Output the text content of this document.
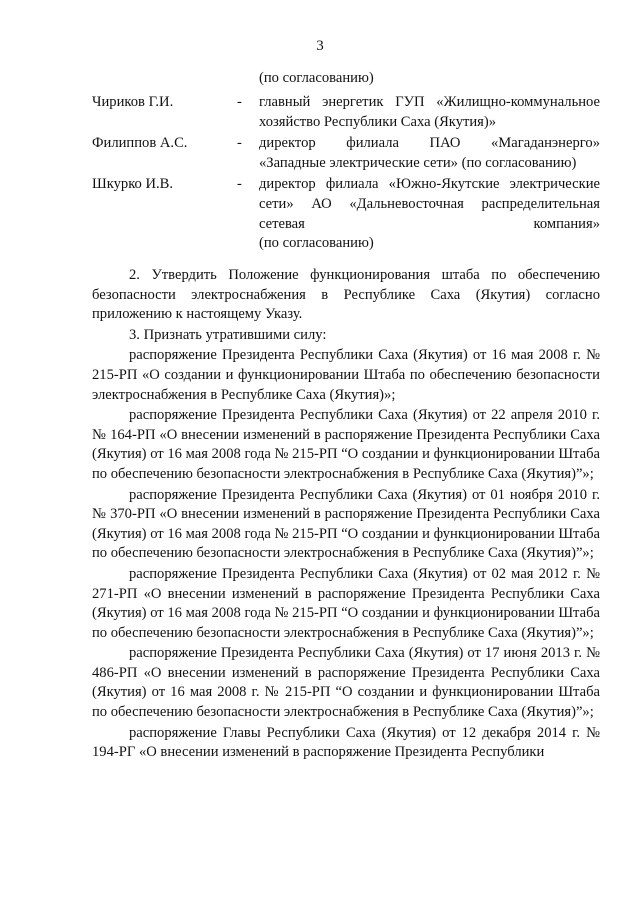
3
(по согласованию)
Чириков Г.И.	-	главный энергетик ГУП «Жилищно-коммунальное
хозяйство Республики Саха (Якутия)»
Филиппов А.С.	-	директор филиала ПАО «Магаданэнерго»
«Западные электрические сети» (по согласованию)
Шкурко И.В.	-	директор филиала «Южно-Якутские электрические
сети» АО «Дальневосточная распределительная
сетевая компания»
(по согласованию)

2. Утвердить Положение функционирования штаба по обеспечению безопасности электроснабжения в Республике Саха (Якутия) согласно приложению к настоящему Указу.

3. Признать утратившими силу:

распоряжение Президента Республики Саха (Якутия) от 16 мая 2008 г. № 215-РП «О создании и функционировании Штаба по обеспечению безопасности электроснабжения в Республике Саха (Якутия)»;

распоряжение Президента Республики Саха (Якутия) от 22 апреля 2010 г. № 164-РП «О внесении изменений в распоряжение Президента Республики Саха (Якутия) от 16 мая 2008 года № 215-РП “О создании и функционировании Штаба по обеспечению безопасности электроснабжения в Республике Саха (Якутия)”»;

распоряжение Президента Республики Саха (Якутия) от 01 ноября 2010 г. № 370-РП «О внесении изменений в распоряжение Президента Республики Саха (Якутия) от 16 мая 2008 года № 215-РП “О создании и функционировании Штаба по обеспечению безопасности электроснабжения в Республике Саха (Якутия)”»;

распоряжение Президента Республики Саха (Якутия) от 02 мая 2012 г. № 271-РП «О внесении изменений в распоряжение Президента Республики Саха (Якутия) от 16 мая 2008 года № 215-РП “О создании и функционировании Штаба по обеспечению безопасности электроснабжения в Республике Саха (Якутия)”»;

распоряжение Президента Республики Саха (Якутия) от 17 июня 2013 г. № 486-РП «О внесении изменений в распоряжение Президента Республики Саха (Якутия) от 16 мая 2008 г. № 215-РП “О создании и функционировании Штаба по обеспечению безопасности электроснабжения в Республике Саха (Якутия)”»;

распоряжение Главы Республики Саха (Якутия) от 12 декабря 2014 г. № 194-РГ «О внесении изменений в распоряжение Президента Республики
